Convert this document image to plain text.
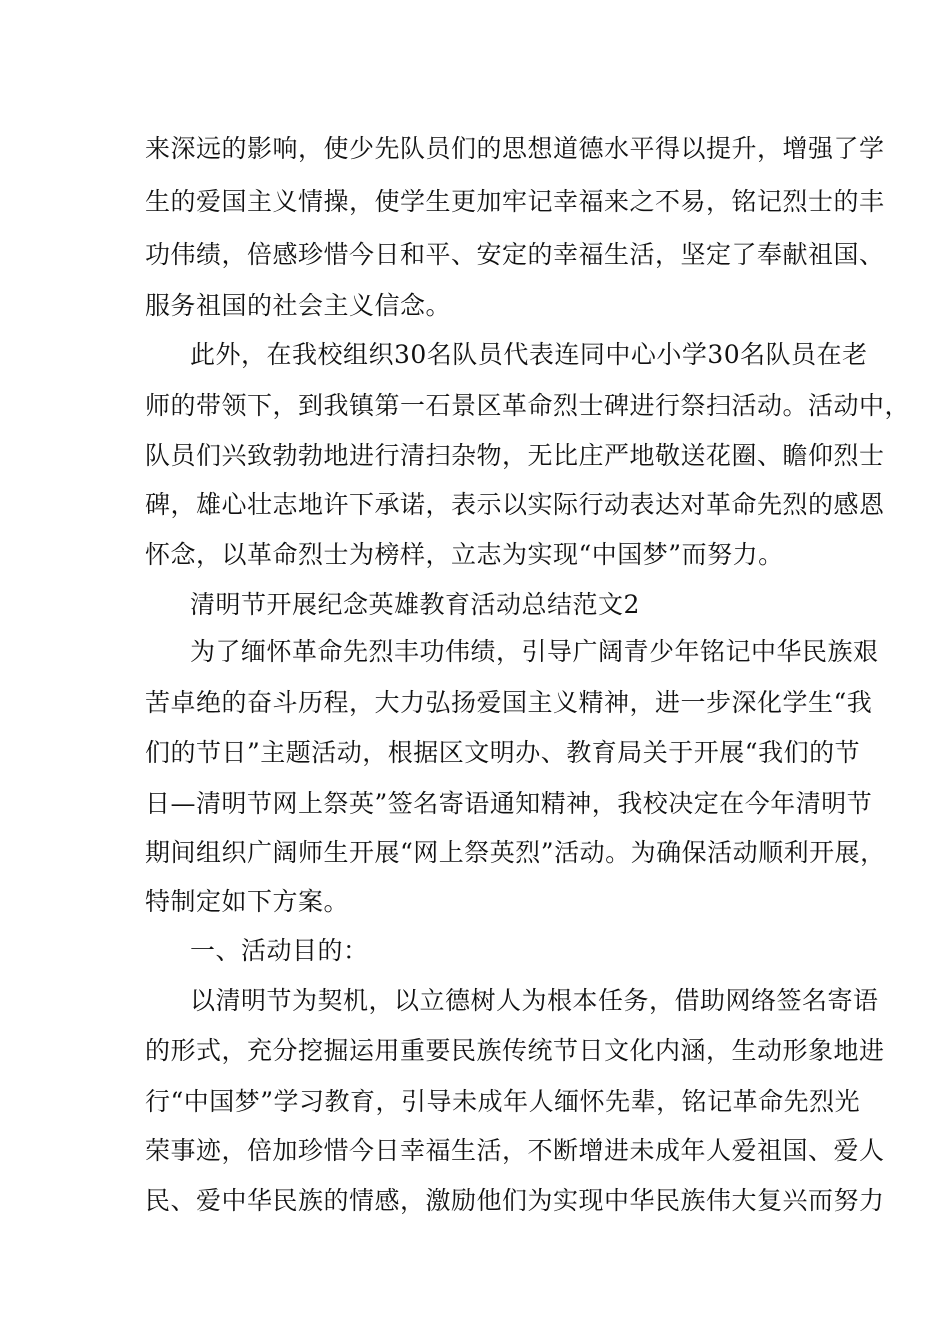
来深远的影响，使少先队员们的思想道德水平得以提升，增强了学
生的爱国主义情操，使学生更加牢记幸福来之不易，铭记烈士的丰
功伟绩，倍感珍惜今日和平、安定的幸福生活，坚定了奉献祖国、
服务祖国的社会主义信念。
此外，在我校组织30名队员代表连同中心小学30名队员在老
师的带领下，到我镇第一石景区革命烈士碑进行祭扫活动。活动中，
队员们兴致勃勃地进行清扫杂物，无比庄严地敬送花圈、瞻仰烈士
碑，雄心壮志地许下承诺，表示以实际行动表达对革命先烈的感恩
怀念，以革命烈士为榜样，立志为实现“中国梦”而努力。
清明节开展纪念英雄教育活动总结范文2
为了缅怀革命先烈丰功伟绩，引导广阔青少年铭记中华民族艰
苦卓绝的奋斗历程，大力弘扬爱国主义精神，进一步深化学生“我
们的节日”主题活动，根据区文明办、教育局关于开展“我们的节
日—清明节网上祭英”签名寄语通知精神，我校决定在今年清明节
期间组织广阔师生开展“网上祭英烈”活动。为确保活动顺利开展，
特制定如下方案。
一、活动目的：
以清明节为契机，以立德树人为根本任务，借助网络签名寄语
的形式，充分挖掘运用重要民族传统节日文化内涵，生动形象地进
行“中国梦”学习教育，引导未成年人缅怀先辈，铭记革命先烈光
荣事迹，倍加珍惜今日幸福生活，不断增进未成年人爱祖国、爱人
民、爱中华民族的情感，激励他们为实现中华民族伟大复兴而努力
